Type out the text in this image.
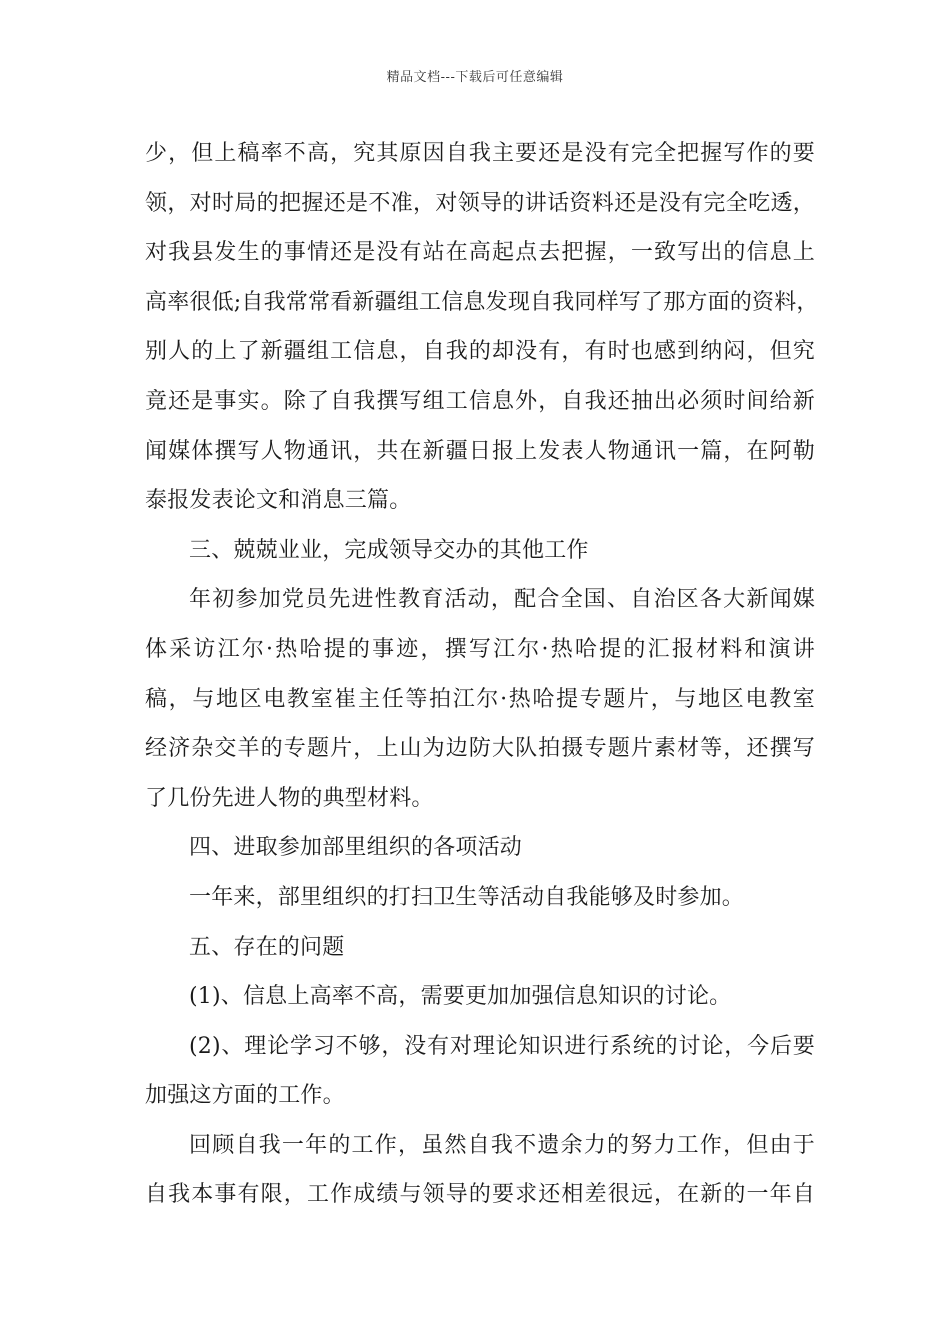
精品文档---下载后可任意编辑
少，但上稿率不高，究其原因自我主要还是没有完全把握写作的要
领，对时局的把握还是不准，对领导的讲话资料还是没有完全吃透，
对我县发生的事情还是没有站在高起点去把握，一致写出的信息上
高率很低;自我常常看新疆组工信息发现自我同样写了那方面的资料，
别人的上了新疆组工信息，自我的却没有，有时也感到纳闷，但究
竟还是事实。除了自我撰写组工信息外，自我还抽出必须时间给新
闻媒体撰写人物通讯，共在新疆日报上发表人物通讯一篇，在阿勒
泰报发表论文和消息三篇。
三、兢兢业业，完成领导交办的其他工作
年初参加党员先进性教育活动，配合全国、自治区各大新闻媒
体采访江尔·热哈提的事迹，撰写江尔·热哈提的汇报材料和演讲
稿，与地区电教室崔主任等拍江尔·热哈提专题片，与地区电教室
经济杂交羊的专题片，上山为边防大队拍摄专题片素材等，还撰写
了几份先进人物的典型材料。
四、进取参加部里组织的各项活动
一年来，部里组织的打扫卫生等活动自我能够及时参加。
五、存在的问题
(1)、信息上高率不高，需要更加加强信息知识的讨论。
(2)、理论学习不够，没有对理论知识进行系统的讨论，今后要
加强这方面的工作。
回顾自我一年的工作，虽然自我不遗余力的努力工作，但由于
自我本事有限，工作成绩与领导的要求还相差很远，在新的一年自
